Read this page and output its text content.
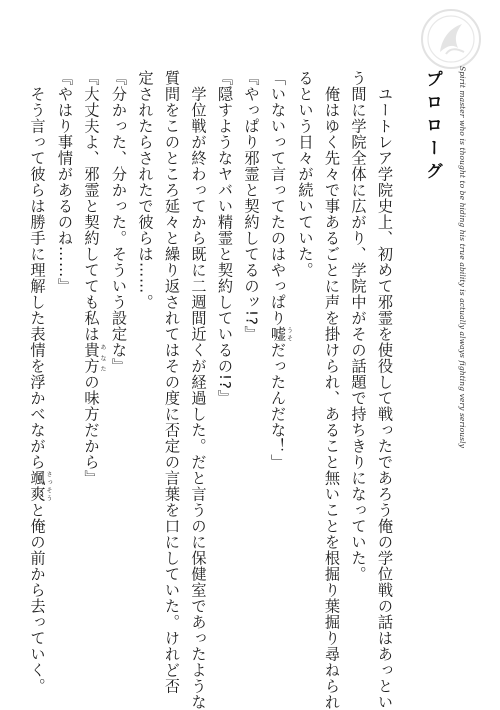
Spirit master who is thought to be hiding his true ability is actually always fighting very seriously
プロローグ
　ユートレア学院史上、初めて邪霊を使役して戦ったであろう俺の学位戦の話はあっとい
う間に学院全体に広がり、学院中がその話題で持ちきりになっていた。
　俺はゆく先々で事あるごとに声を掛けられ、あること無いことを根掘り葉掘り尋ねられ
るという日々が続いていた。
「いないって言ってたのはやっぱり嘘うそだったんだな！」
『やっぱり邪霊と契約してるのッ!?』
『隠すようなヤバい精霊と契約しているの!?』
　学位戦が終わってから既に二週間近くが経過した。だと言うのに保健室であったような
質問をこのところ延々と繰り返されてはその度に否定の言葉を口にしていた。けれど否
定されたらされたで彼らは……。
『分かった、分かった。そういう設定な』
『大丈夫よ、邪霊と契約してても私は貴方あなたの味方だから』
『やはり事情があるのね……』
　そう言って彼らは勝手に理解した表情を浮かべながら颯爽さっそうと俺の前から去っていく。
